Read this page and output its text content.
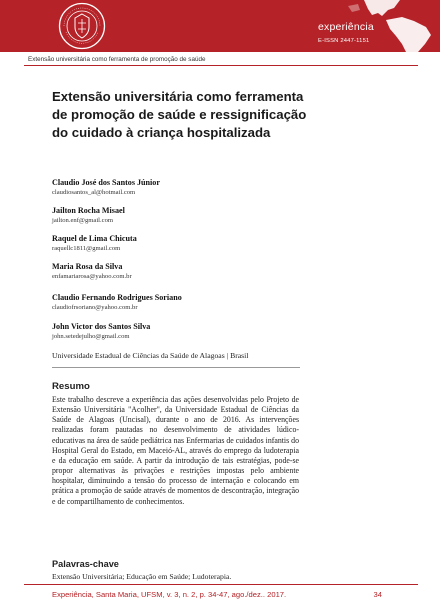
experiência
E-ISSN 2447-1151
Extensão universitária como ferramenta de promoção de saúde
Extensão universitária como ferramenta de promoção de saúde e ressignificação do cuidado à criança hospitalizada
Claudio José dos Santos Júnior
claudiosantos_al@hotmail.com
Jailton Rocha Misael
jailton.enf@gmail.com
Raquel de Lima Chicuta
raquellc1811@gmail.com
Maria Rosa da Silva
enfamariarosa@yahoo.com.br
Claudio Fernando Rodrigues Soriano
claudiofrsoriano@yahoo.com.br
John Victor dos Santos Silva
john.setedejulho@gmail.com
Universidade Estadual de Ciências da Saúde de Alagoas | Brasil
Resumo

Este trabalho descreve a experiência das ações desenvolvidas pelo Projeto de Extensão Universitária "Acolher", da Universidade Estadual de Ciências da Saúde de Alagoas (Uncisal), durante o ano de 2016. As intervenções realizadas foram pautadas no desenvolvimento de atividades lúdico-educativas na área de saúde pediátrica nas Enfermarias de cuidados infantis do Hospital Geral do Estado, em Maceió-AL, através do emprego da ludoterapia e da educação em saúde. A partir da introdução de tais estratégias, pode-se propor alternativas às privações e restrições impostas pelo ambiente hospitalar, diminuindo a tensão do processo de internação e colocando em prática a promoção de saúde através de momentos de descontração, integração e de compartilhamento de conhecimentos.

Palavras-chave
Extensão Universitária; Educação em Saúde; Ludoterapia.
Experiência, Santa Maria, UFSM, v. 3, n. 2, p. 34-47, ago./dez.. 2017.	34
